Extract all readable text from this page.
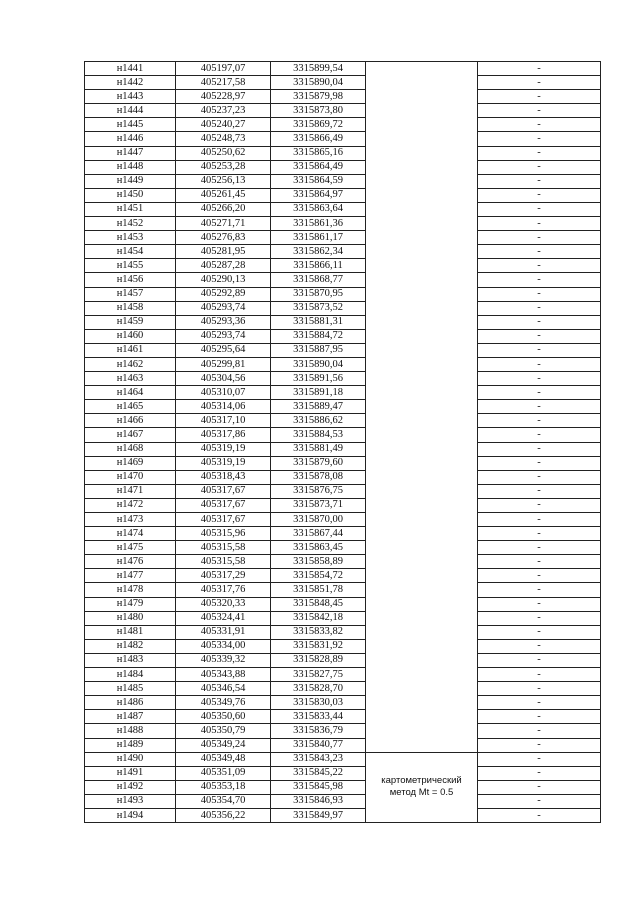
н1441	405197,07	3315899,54		-
н1442	405217,58	3315890,04		-
н1443	405228,97	3315879,98		-
н1444	405237,23	3315873,80		-
н1445	405240,27	3315869,72		-
н1446	405248,73	3315866,49		-
н1447	405250,62	3315865,16		-
н1448	405253,28	3315864,49		-
н1449	405256,13	3315864,59		-
н1450	405261,45	3315864,97		-
н1451	405266,20	3315863,64		-
н1452	405271,71	3315861,36		-
н1453	405276,83	3315861,17		-
н1454	405281,95	3315862,34		-
н1455	405287,28	3315866,11		-
н1456	405290,13	3315868,77		-
н1457	405292,89	3315870,95		-
н1458	405293,74	3315873,52		-
н1459	405293,36	3315881,31		-
н1460	405293,74	3315884,72		-
н1461	405295,64	3315887,95		-
н1462	405299,81	3315890,04		-
н1463	405304,56	3315891,56		-
н1464	405310,07	3315891,18		-
н1465	405314,06	3315889,47		-
н1466	405317,10	3315886,62		-
н1467	405317,86	3315884,53		-
н1468	405319,19	3315881,49		-
н1469	405319,19	3315879,60		-
н1470	405318,43	3315878,08		-
н1471	405317,67	3315876,75		-
н1472	405317,67	3315873,71		-
н1473	405317,67	3315870,00		-
н1474	405315,96	3315867,44		-
н1475	405315,58	3315863,45		-
н1476	405315,58	3315858,89		-
н1477	405317,29	3315854,72		-
н1478	405317,76	3315851,78		-
н1479	405320,33	3315848,45		-
н1480	405324,41	3315842,18		-
н1481	405331,91	3315833,82		-
н1482	405334,00	3315831,92		-
н1483	405339,32	3315828,89		-
н1484	405343,88	3315827,75		-
н1485	405346,54	3315828,70		-
н1486	405349,76	3315830,03		-
н1487	405350,60	3315833,44		-
н1488	405350,79	3315836,79		-
н1489	405349,24	3315840,77		-
н1490	405349,48	3315843,23	картометрический метод Mt = 0.5	-
н1491	405351,09	3315845,22		-
н1492	405353,18	3315845,98		-
н1493	405354,70	3315846,93		-
н1494	405356,22	3315849,97		-
